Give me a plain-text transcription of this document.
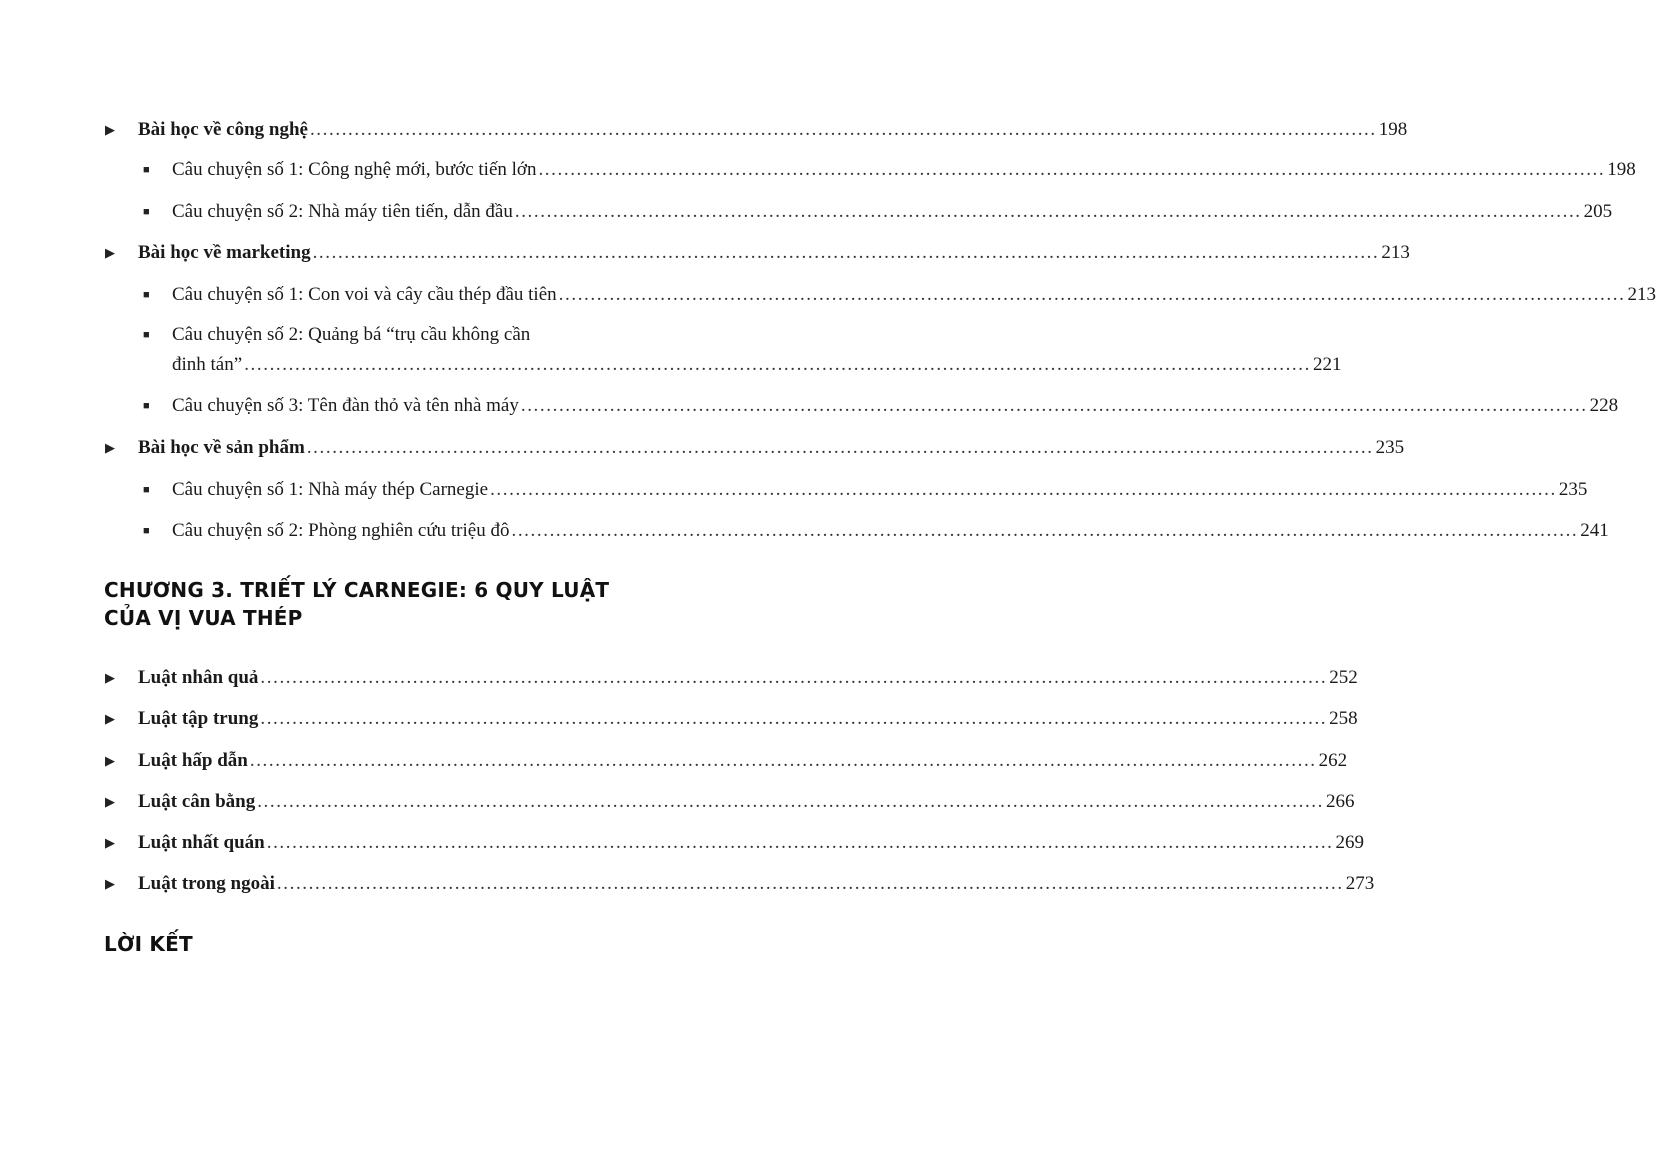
▶ Bài học về công nghệ ........................................................................................................................................................................ 198
■ Câu chuyện số 1: Công nghệ mới, bước tiến lớn ........................................................................................................................................................................ 198
■ Câu chuyện số 2: Nhà máy tiên tiến, dẫn đầu ........................................................................................................................................................................ 205
▶ Bài học về marketing ........................................................................................................................................................................ 213
■ Câu chuyện số 1: Con voi và cây cầu thép đầu tiên ........................................................................................................................................................................ 213
■ Câu chuyện số 2: Quảng bá “trụ cầu không cần
đinh tán” ........................................................................................................................................................................ 221
■ Câu chuyện số 3: Tên đàn thỏ và tên nhà máy ........................................................................................................................................................................ 228
▶ Bài học về sản phẩm ........................................................................................................................................................................ 235
■ Câu chuyện số 1: Nhà máy thép Carnegie ........................................................................................................................................................................ 235
■ Câu chuyện số 2: Phòng nghiên cứu triệu đô ........................................................................................................................................................................ 241
CHƯƠNG 3. TRIẾT LÝ CARNEGIE: 6 QUY LUẬT
CỦA VỊ VUA THÉP
▶ Luật nhân quả ........................................................................................................................................................................ 252
▶ Luật tập trung ........................................................................................................................................................................ 258
▶ Luật hấp dẫn ........................................................................................................................................................................ 262
▶ Luật cân bằng ........................................................................................................................................................................ 266
▶ Luật nhất quán ........................................................................................................................................................................ 269
▶ Luật trong ngoài ........................................................................................................................................................................ 273
LỜI KẾT
